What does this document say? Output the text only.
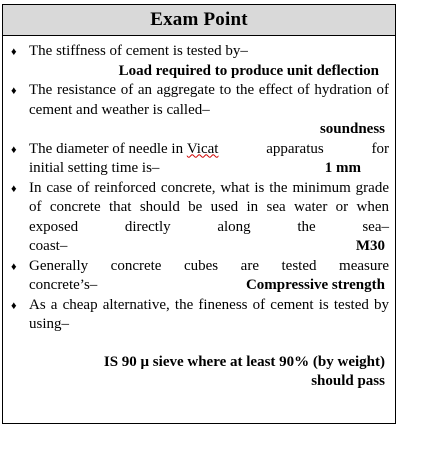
Exam Point
♦ The stiffness of cement is tested by–
Load required to produce unit deflection
♦ The resistance of an aggregate to the effect of hydration of cement and weather is called–
soundness
♦ The diameter of needle in Vicat apparatus for
initial setting time is–	1 mm
♦ In case of reinforced concrete, what is the minimum grade of concrete that should be used in sea water or when exposed directly along the sea–
coast–	M30
♦ Generally concrete cubes are tested measure
concrete’s–	Compressive strength
♦ As a cheap alternative, the fineness of cement is tested by using–
IS 90 μ sieve where at least 90% (by weight)
should pass
